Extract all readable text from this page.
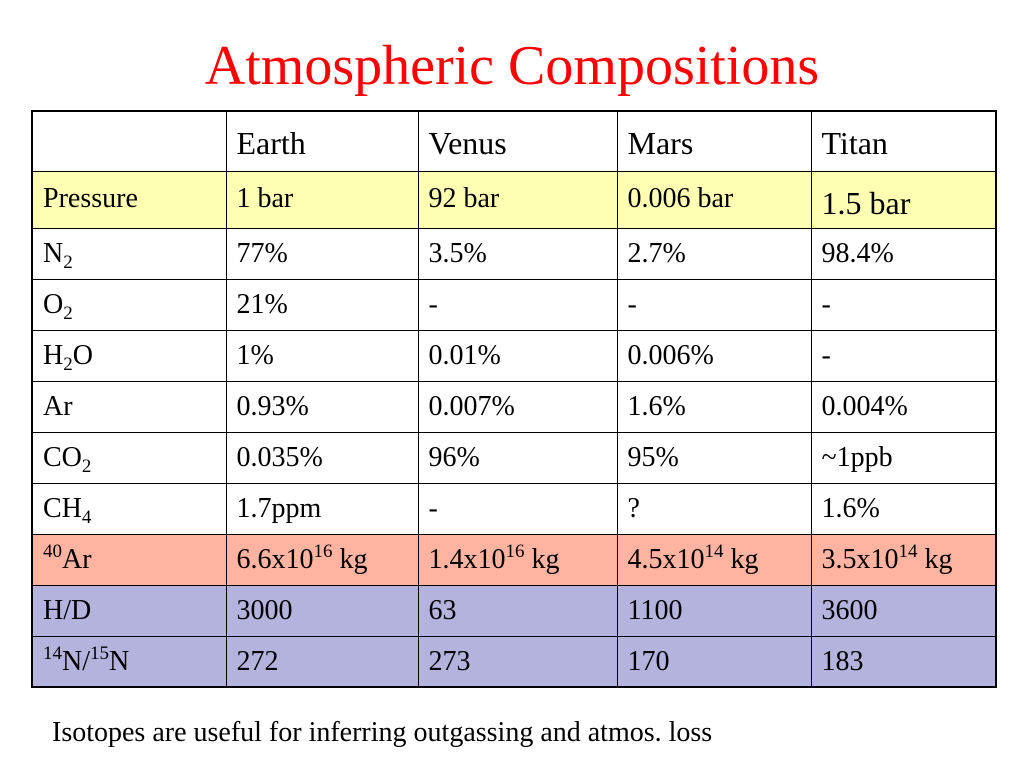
Atmospheric Compositions
	Earth	Venus	Mars	Titan
Pressure	1 bar	92 bar	0.006 bar	1.5 bar
$N_2$	77%	3.5%	2.7%	98.4%
$O_2$	21%	-	-	-
$H_2O$	1%	0.01%	0.006%	-
Ar	0.93%	0.007%	1.6%	0.004%
$CO_2$	0.035%	96%	95%	~1ppb
$CH_4$	1.7ppm	-	?	1.6%
$^{40}$Ar	$6.6x10^{16}$ kg	$1.4x10^{16}$ kg	$4.5x10^{14}$ kg	$3.5x10^{14}$ kg
H/D	3000	63	1100	3600
$^{14}$N/$^{15}$N	272	273	170	183
Isotopes are useful for inferring outgassing and atmos. loss
